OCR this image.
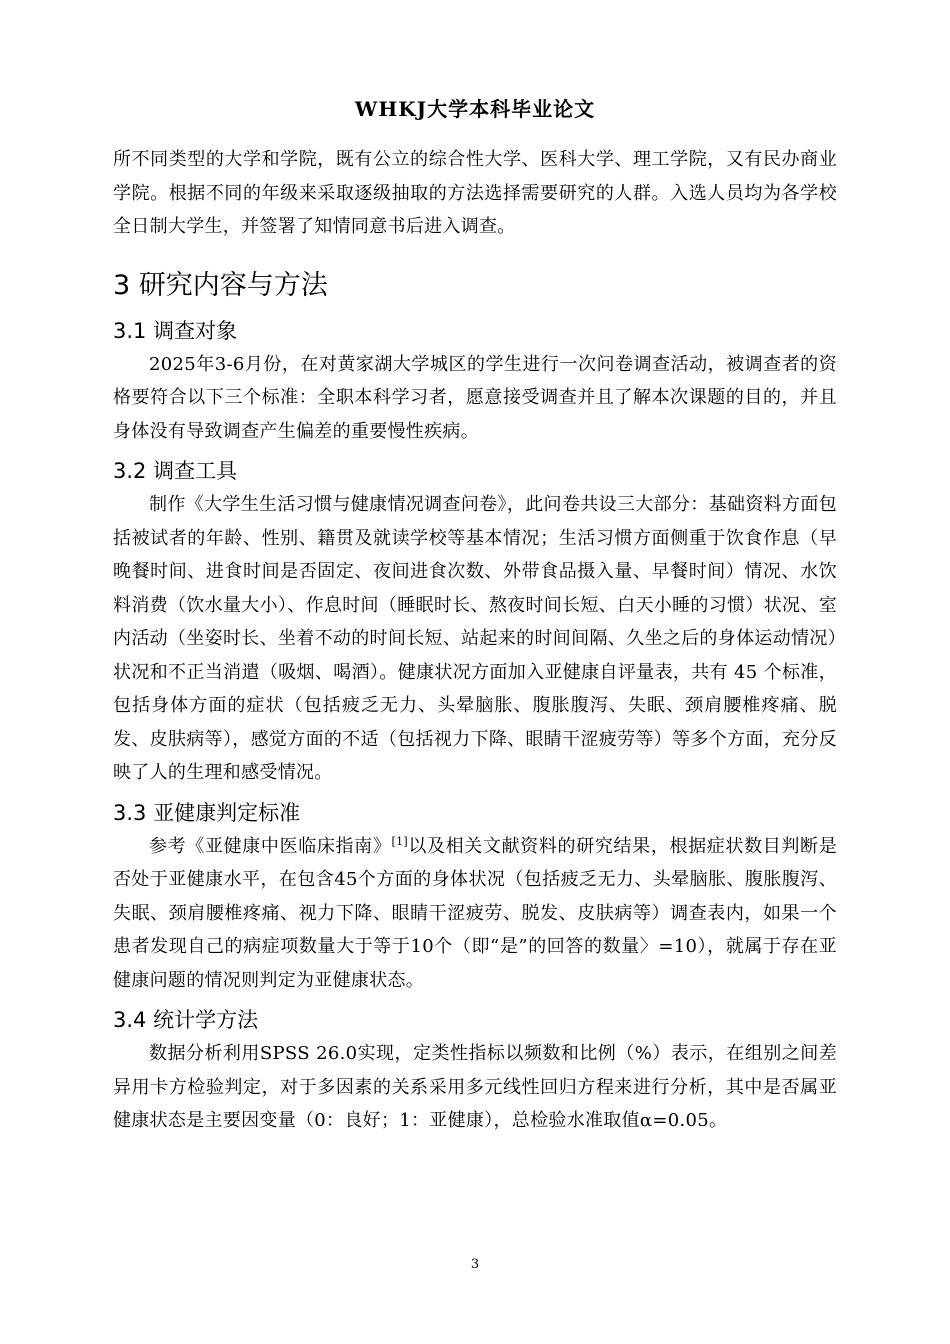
WHKJ大学本科毕业论文

所不同类型的大学和学院，既有公立的综合性大学、医科大学、理工学院，又有民办商业学院。根据不同的年级来采取逐级抽取的方法选择需要研究的人群。入选人员均为各学校全日制大学生，并签署了知情同意书后进入调查。

3 研究内容与方法
3.1 调查对象

2025年3-6月份，在对黄家湖大学城区的学生进行一次问卷调查活动，被调查者的资格要符合以下三个标准：全职本科学习者，愿意接受调查并且了解本次课题的目的，并且身体没有导致调查产生偏差的重要慢性疾病。

3.2 调查工具

制作《大学生生活习惯与健康情况调查问卷》，此问卷共设三大部分：基础资料方面包括被试者的年龄、性别、籍贯及就读学校等基本情况；生活习惯方面侧重于饮食作息（早晚餐时间、进食时间是否固定、夜间进食次数、外带食品摄入量、早餐时间）情况、水饮料消费（饮水量大小）、作息时间（睡眠时长、熬夜时间长短、白天小睡的习惯）状况、室内活动（坐姿时长、坐着不动的时间长短、站起来的时间间隔、久坐之后的身体运动情况）状况和不正当消遣（吸烟、喝酒）。健康状况方面加入亚健康自评量表，共有 45 个标准，包括身体方面的症状（包括疲乏无力、头晕脑胀、腹胀腹泻、失眠、颈肩腰椎疼痛、脱发、皮肤病等），感觉方面的不适（包括视力下降、眼睛干涩疲劳等）等多个方面，充分反映了人的生理和感受情况。

3.3 亚健康判定标准

参考《亚健康中医临床指南》[1]以及相关文献资料的研究结果，根据症状数目判断是否处于亚健康水平，在包含45个方面的身体状况（包括疲乏无力、头晕脑胀、腹胀腹泻、失眠、颈肩腰椎疼痛、视力下降、眼睛干涩疲劳、脱发、皮肤病等）调查表内，如果一个患者发现自己的病症项数量大于等于10个（即“是”的回答的数量〉=10），就属于存在亚健康问题的情况则判定为亚健康状态。

3.4 统计学方法

数据分析利用SPSS 26.0实现，定类性指标以频数和比例（%）表示，在组别之间差异用卡方检验判定，对于多因素的关系采用多元线性回归方程来进行分析，其中是否属亚健康状态是主要因变量（0：良好；1：亚健康），总检验水准取值α=0.05。

3
